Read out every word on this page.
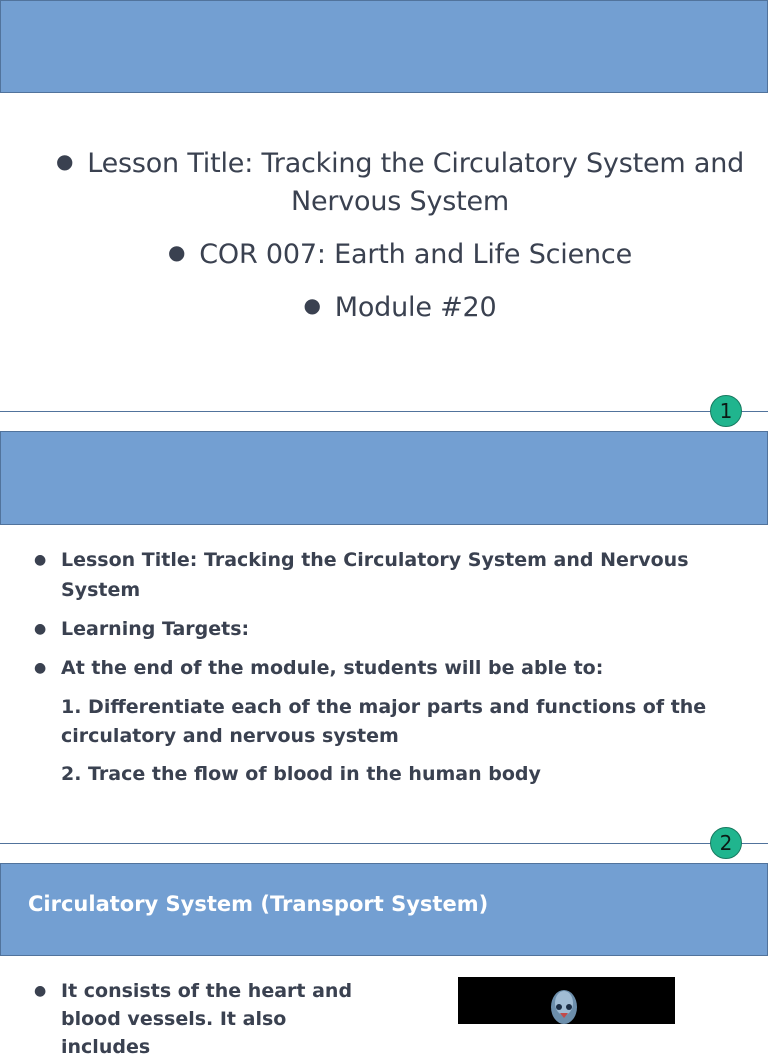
● Lesson Title: Tracking the Circulatory System and Nervous System
● COR 007: Earth and Life Science
● Module #20
1
● Lesson Title: Tracking the Circulatory System and Nervous System
● Learning Targets:
● At the end of the module, students will be able to:
1. Differentiate each of the major parts and functions of the circulatory and nervous system
2. Trace the flow of blood in the human body
2
Circulatory System (Transport System)
● It consists of the heart and blood vessels. It also includes
